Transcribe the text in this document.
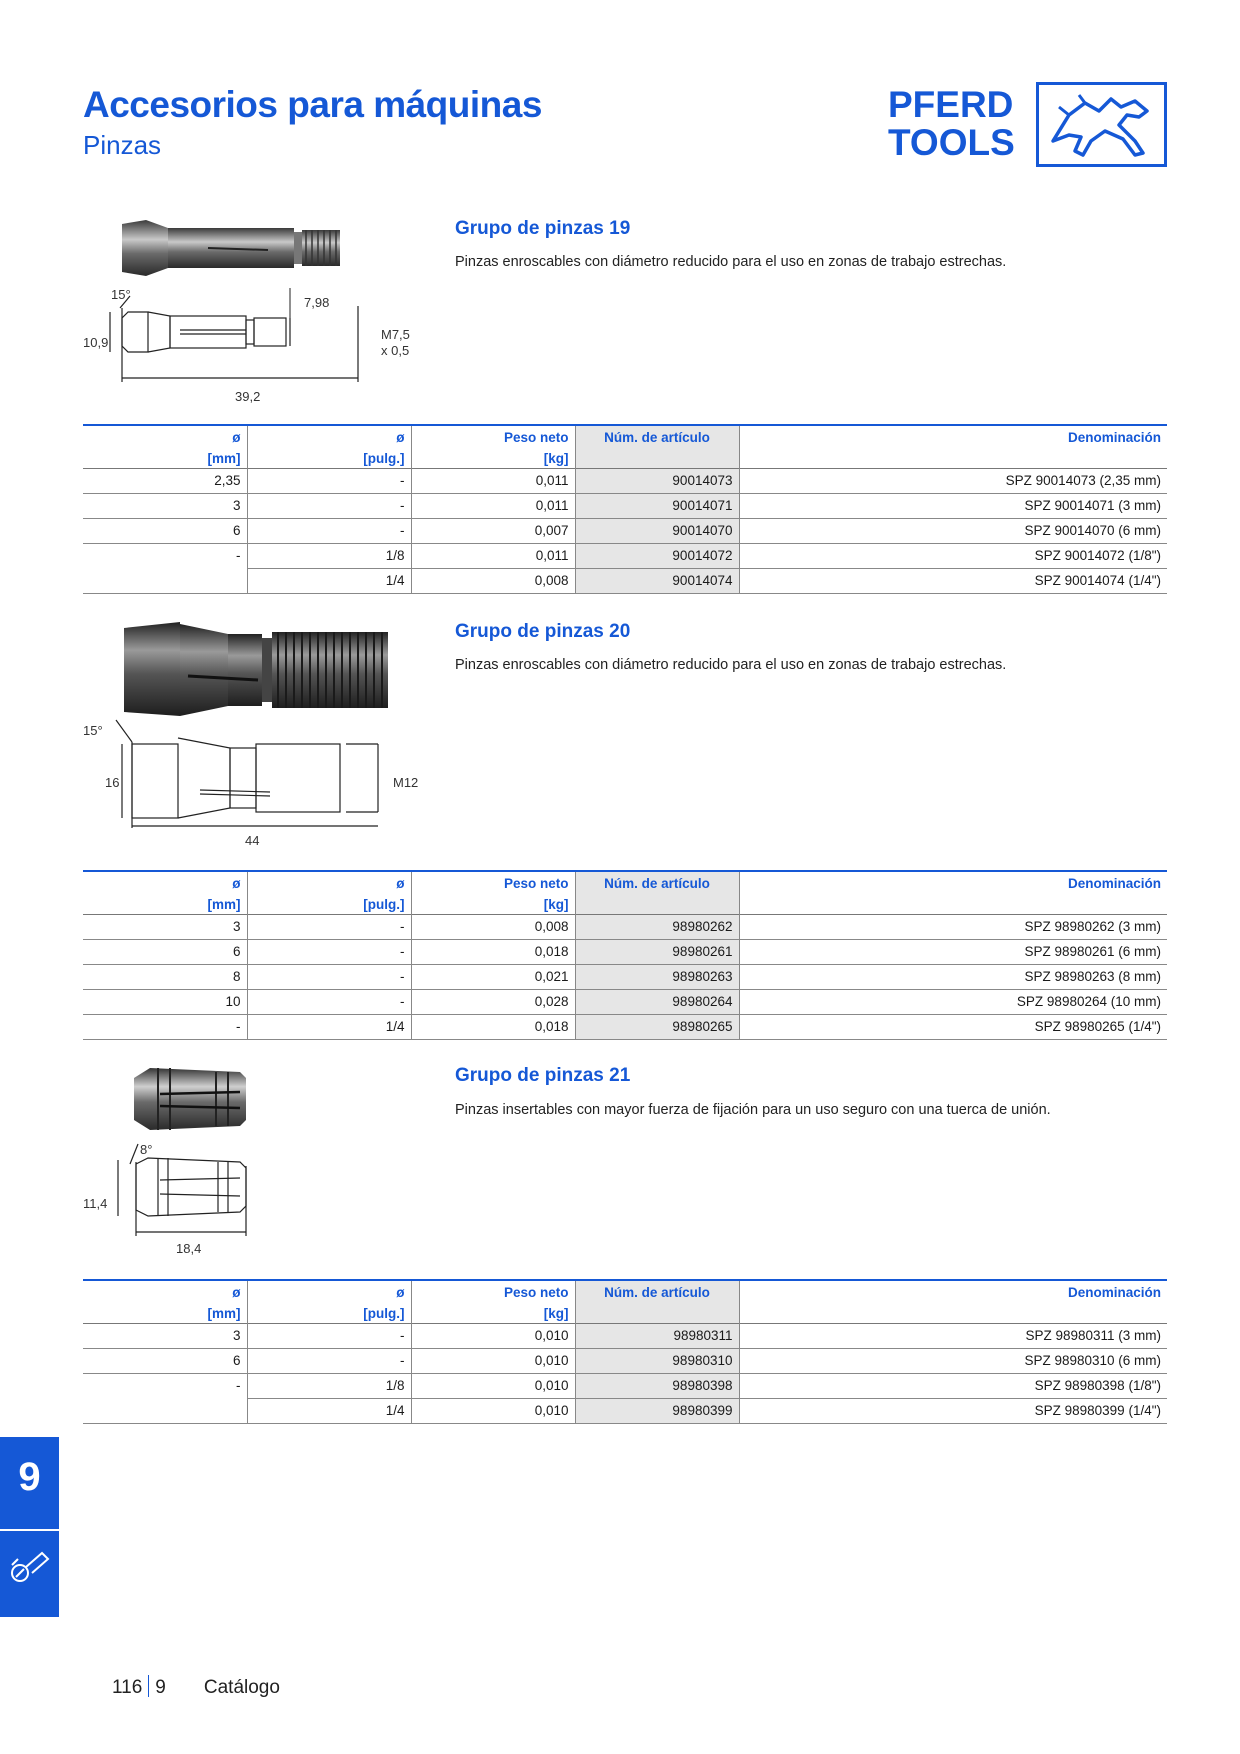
Accesorios para máquinas
Pinzas
PFERD
TOOLS
15°
7,98
10,9
M7,5
x 0,5
39,2
Grupo de pinzas 19
Pinzas enroscables con diámetro reducido para el uso en zonas de trabajo estrechas.
ø	ø	Peso neto	Núm. de artículo	Denominación
[mm]	[pulg.]	[kg]		
2,35	-	0,011	90014073	SPZ 90014073 (2,35 mm)
3	-	0,011	90014071	SPZ 90014071 (3 mm)
6	-	0,007	90014070	SPZ 90014070 (6 mm)
-	1/8	0,011	90014072	SPZ 90014072 (1/8")
	1/4	0,008	90014074	SPZ 90014074 (1/4")
15°
16	M12
44
Grupo de pinzas 20
Pinzas enroscables con diámetro reducido para el uso en zonas de trabajo estrechas.
ø	ø	Peso neto	Núm. de artículo	Denominación
[mm]	[pulg.]	[kg]		
3	-	0,008	98980262	SPZ 98980262 (3 mm)
6	-	0,018	98980261	SPZ 98980261 (6 mm)
8	-	0,021	98980263	SPZ 98980263 (8 mm)
10	-	0,028	98980264	SPZ 98980264 (10 mm)
-	1/4	0,018	98980265	SPZ 98980265 (1/4")
8°
11,4
18,4
Grupo de pinzas 21
Pinzas insertables con mayor fuerza de fijación para un uso seguro con una tuerca de unión.
ø	ø	Peso neto	Núm. de artículo	Denominación
[mm]	[pulg.]	[kg]		
3	-	0,010	98980311	SPZ 98980311 (3 mm)
6	-	0,010	98980310	SPZ 98980310 (6 mm)
-	1/8	0,010	98980398	SPZ 98980398 (1/8")
	1/4	0,010	98980399	SPZ 98980399 (1/4")
9
116 9 Catálogo
